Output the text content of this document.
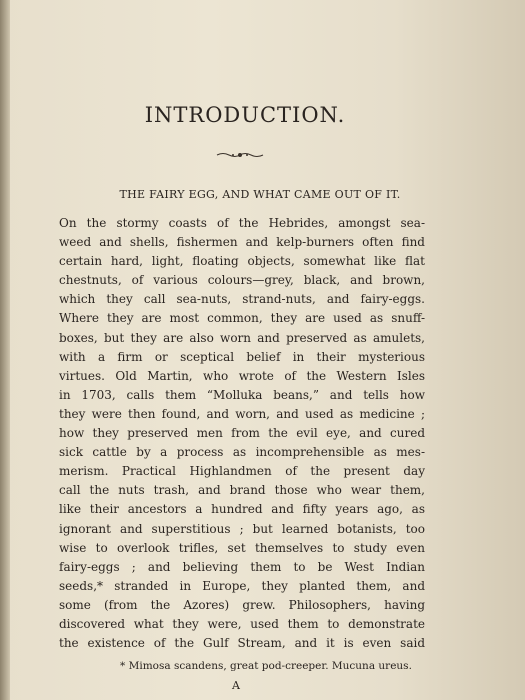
INTRODUCTION.
THE FAIRY EGG, AND WHAT CAME OUT OF IT.
On the stormy coasts of the Hebrides, amongst sea-
weed and shells, fishermen and kelp-burners often find
certain hard, light, floating objects, somewhat like flat
chestnuts, of various colours—grey, black, and brown,
which they call sea-nuts, strand-nuts, and fairy-eggs.
Where they are most common, they are used as snuff-
boxes, but they are also worn and preserved as amulets,
with a firm or sceptical belief in their mysterious
virtues. Old Martin, who wrote of the Western Isles
in 1703, calls them “Molluka beans,” and tells how
they were then found, and worn, and used as medicine ;
how they preserved men from the evil eye, and cured
sick cattle by a process as incomprehensible as mes-
merism. Practical Highlandmen of the present day
call the nuts trash, and brand those who wear them,
like their ancestors a hundred and fifty years ago, as
ignorant and superstitious ; but learned botanists, too
wise to overlook trifles, set themselves to study even
fairy-eggs ; and believing them to be West Indian
seeds,* stranded in Europe, they planted them, and
some (from the Azores) grew. Philosophers, having
discovered what they were, used them to demonstrate
the existence of the Gulf Stream, and it is even said
* Mimosa scandens, great pod-creeper. Mucuna ureus.
A
